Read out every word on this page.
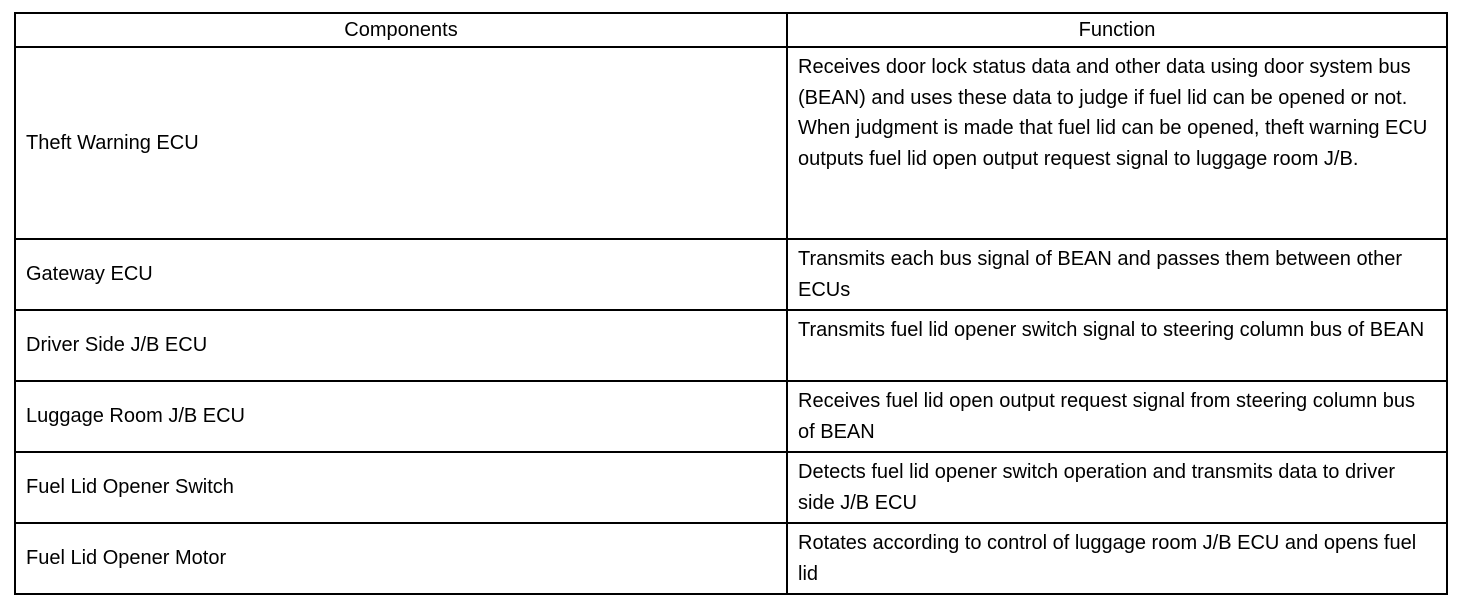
Components	Function
Theft Warning ECU	Receives door lock status data and other data using door system bus (BEAN) and uses these data to judge if fuel lid can be opened or not. When judgment is made that fuel lid can be opened, theft warning ECU outputs fuel lid open output request signal to luggage room J/B.
Gateway ECU	Transmits each bus signal of BEAN and passes them between other ECUs
Driver Side J/B ECU	Transmits fuel lid opener switch signal to steering column bus of BEAN
Luggage Room J/B ECU	Receives fuel lid open output request signal from steering column bus of BEAN
Fuel Lid Opener Switch	Detects fuel lid opener switch operation and transmits data to driver side J/B ECU
Fuel Lid Opener Motor	Rotates according to control of luggage room J/B ECU and opens fuel lid
